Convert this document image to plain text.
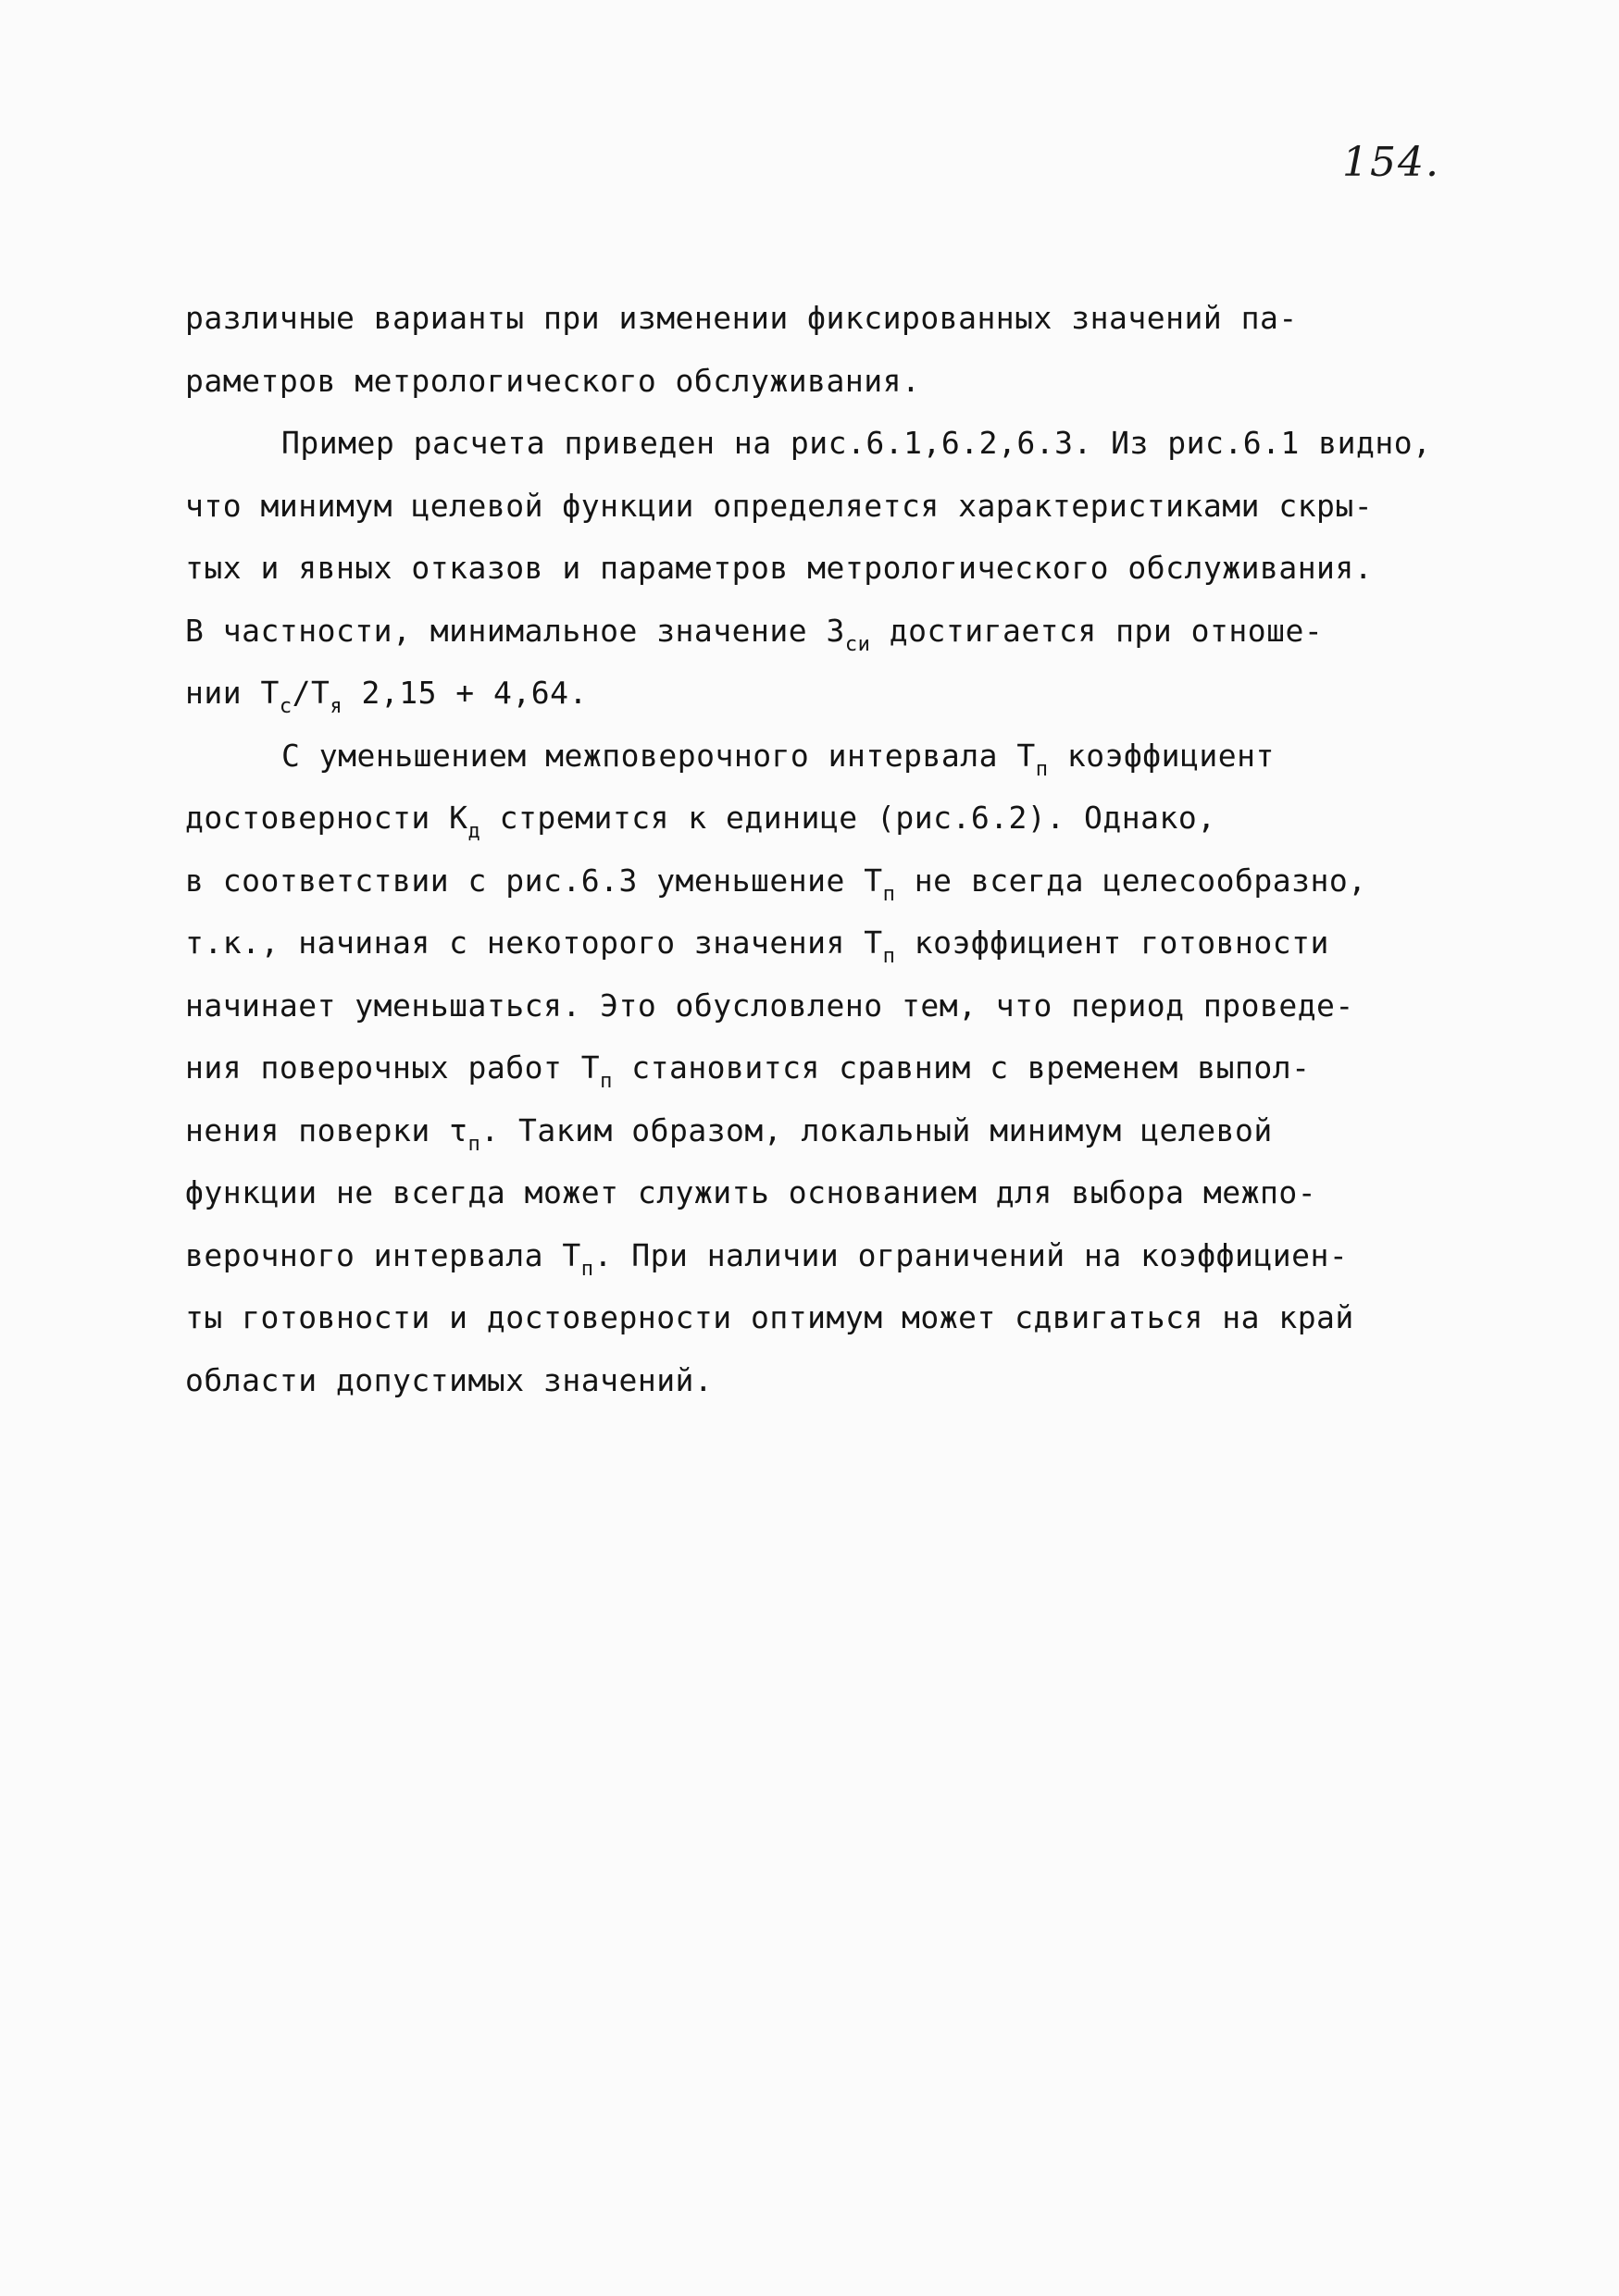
154.
различные варианты при изменении фиксированных значений па-
раметров метрологического обслуживания.
Пример расчета приведен на рис.6.1,6.2,6.3. Из рис.6.1 видно,
что минимум целевой функции определяется характеристиками скры-
тых и явных отказов и параметров метрологического обслуживания.
В частности, минимальное значение $З_{си}$ достигается при отноше-
нии $Т_с/Т_я$ 2,15 + 4,64.
С уменьшением межповерочного интервала $Т_п$ коэффициент
достоверности $К_д$ стремится к единице (рис.6.2). Однако,
в соответствии с рис.6.3 уменьшение $Т_п$ не всегда целесообразно,
т.к., начиная с некоторого значения $Т_п$ коэффициент готовности
начинает уменьшаться. Это обусловлено тем, что период проведе-
ния поверочных работ $Т_п$ становится сравним с временем выпол-
нения поверки $\tau_п$. Таким образом, локальный минимум целевой
функции не всегда может служить основанием для выбора межпо-
верочного интервала $Т_п$. При наличии ограничений на коэффициен-
ты готовности и достоверности оптимум может сдвигаться на край
области допустимых значений.
